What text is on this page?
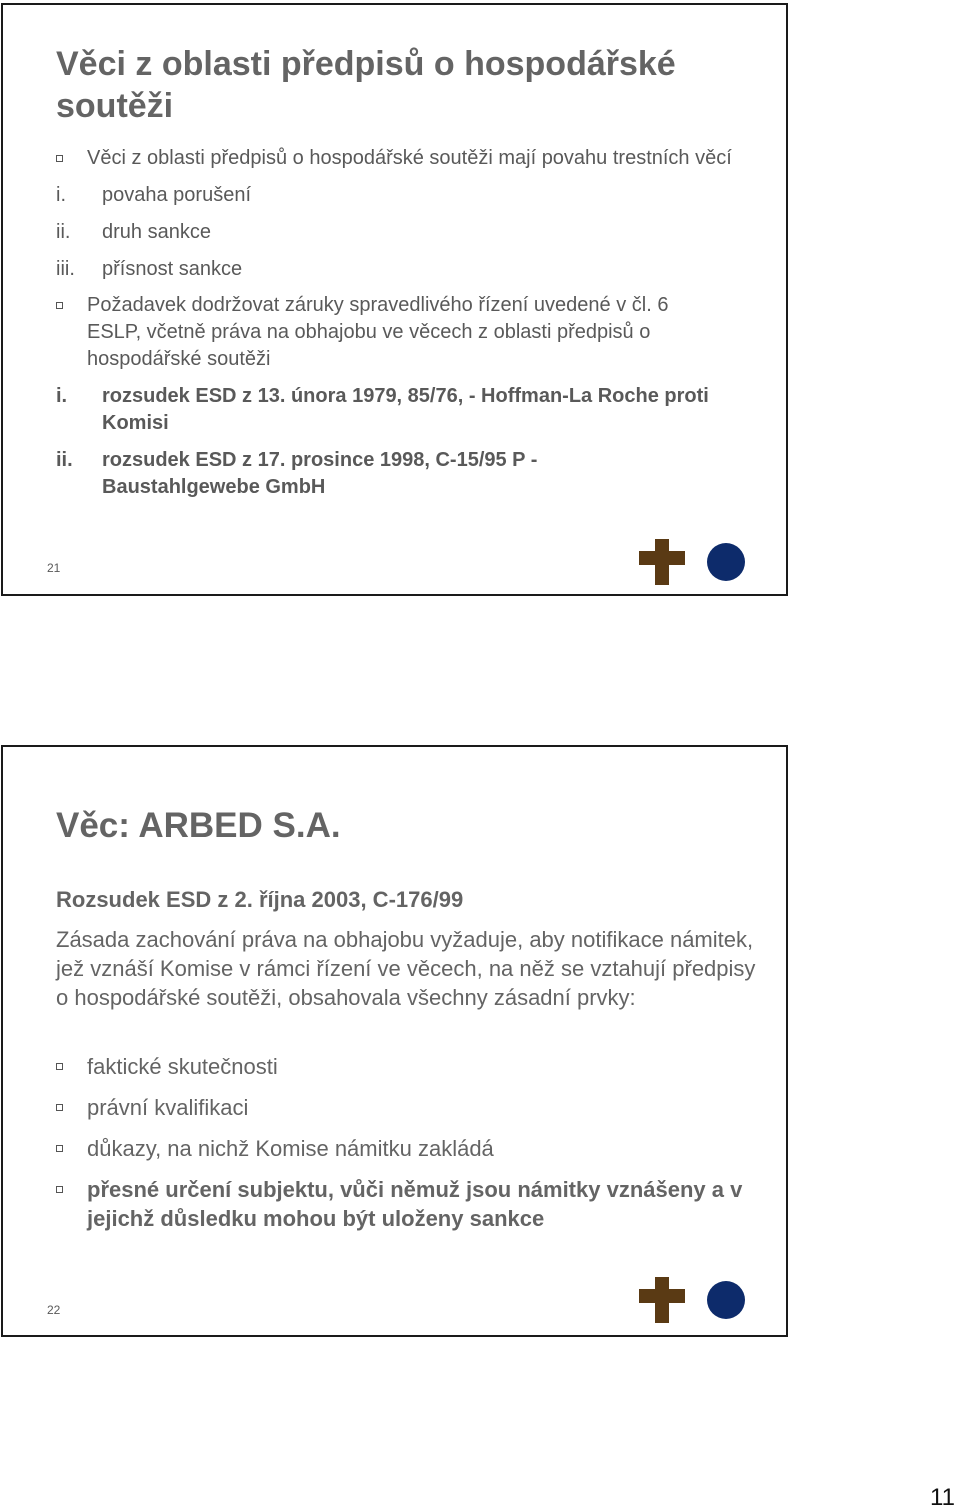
Věci z oblasti předpisů o hospodářské soutěži
Věci z oblasti předpisů o hospodářské soutěži mají povahu trestních věcí
i. povaha porušení
ii. druh sankce
iii. přísnost sankce
Požadavek dodržovat záruky spravedlivého řízení uvedené v čl. 6 ESLP, včetně práva na obhajobu ve věcech z oblasti předpisů o hospodářské soutěži
i. rozsudek ESD z 13. února 1979, 85/76, - Hoffman-La Roche proti Komisi
ii. rozsudek ESD z 17. prosince 1998, C-15/95 P - Baustahlgewebe GmbH
21
Věc: ARBED S.A.
Rozsudek ESD z 2. října 2003, C-176/99
Zásada zachování práva na obhajobu vyžaduje, aby notifikace námitek, jež vznáší Komise v rámci řízení ve věcech, na něž se vztahují předpisy o hospodářské soutěži, obsahovala všechny zásadní prvky:
faktické skutečnosti
právní kvalifikaci
důkazy, na nichž Komise námitku zakládá
přesné určení subjektu, vůči němuž jsou námitky vznášeny a v jejichž důsledku mohou být uloženy sankce
22
11
